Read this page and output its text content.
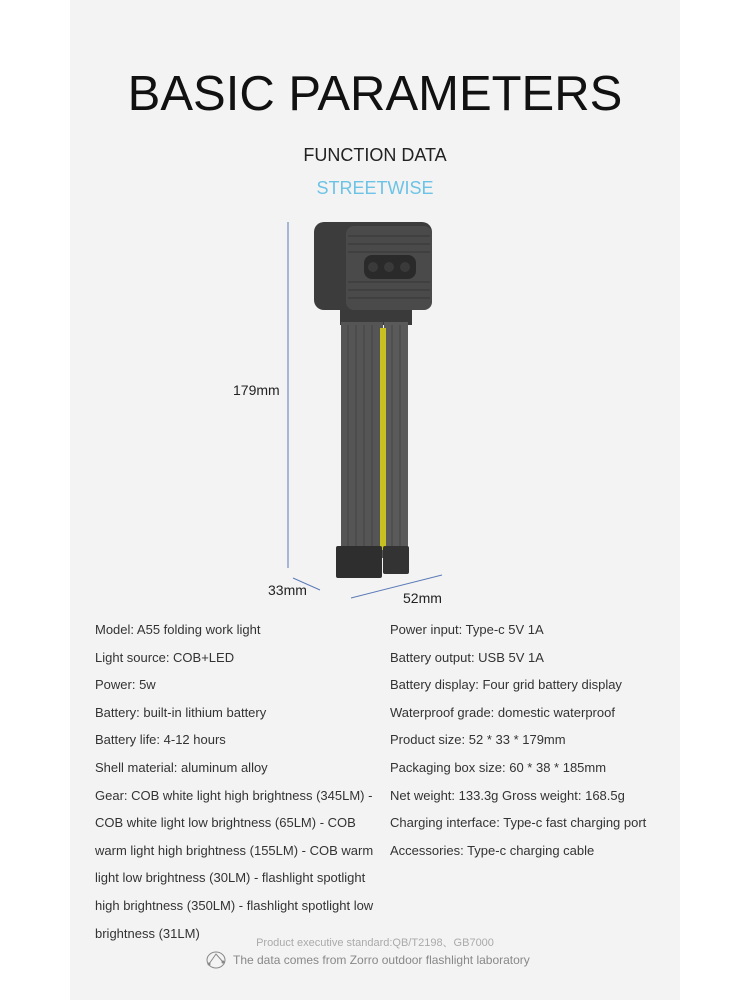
BASIC PARAMETERS
FUNCTION DATA
STREETWISE
179mm
33mm	52mm
Model: A55 folding work light
Light source: COB+LED
Power: 5w
Battery: built-in lithium battery
Battery life: 4-12 hours
Shell material: aluminum alloy
Gear: COB white light high brightness (345LM) -
COB white light low brightness (65LM) - COB
warm light high brightness (155LM) - COB warm
light low brightness (30LM) - flashlight spotlight
high brightness (350LM) - flashlight spotlight low
brightness (31LM)
Power input: Type-c 5V 1A
Battery output: USB 5V 1A
Battery display: Four grid battery display
Waterproof grade: domestic waterproof
Product size: 52 * 33 * 179mm
Packaging box size: 60 * 38 * 185mm
Net weight: 133.3g Gross weight: 168.5g
Charging interface: Type-c fast charging port
Accessories: Type-c charging cable
Product executive standard:QB/T2198、GB7000
The data comes from Zorro outdoor flashlight laboratory
